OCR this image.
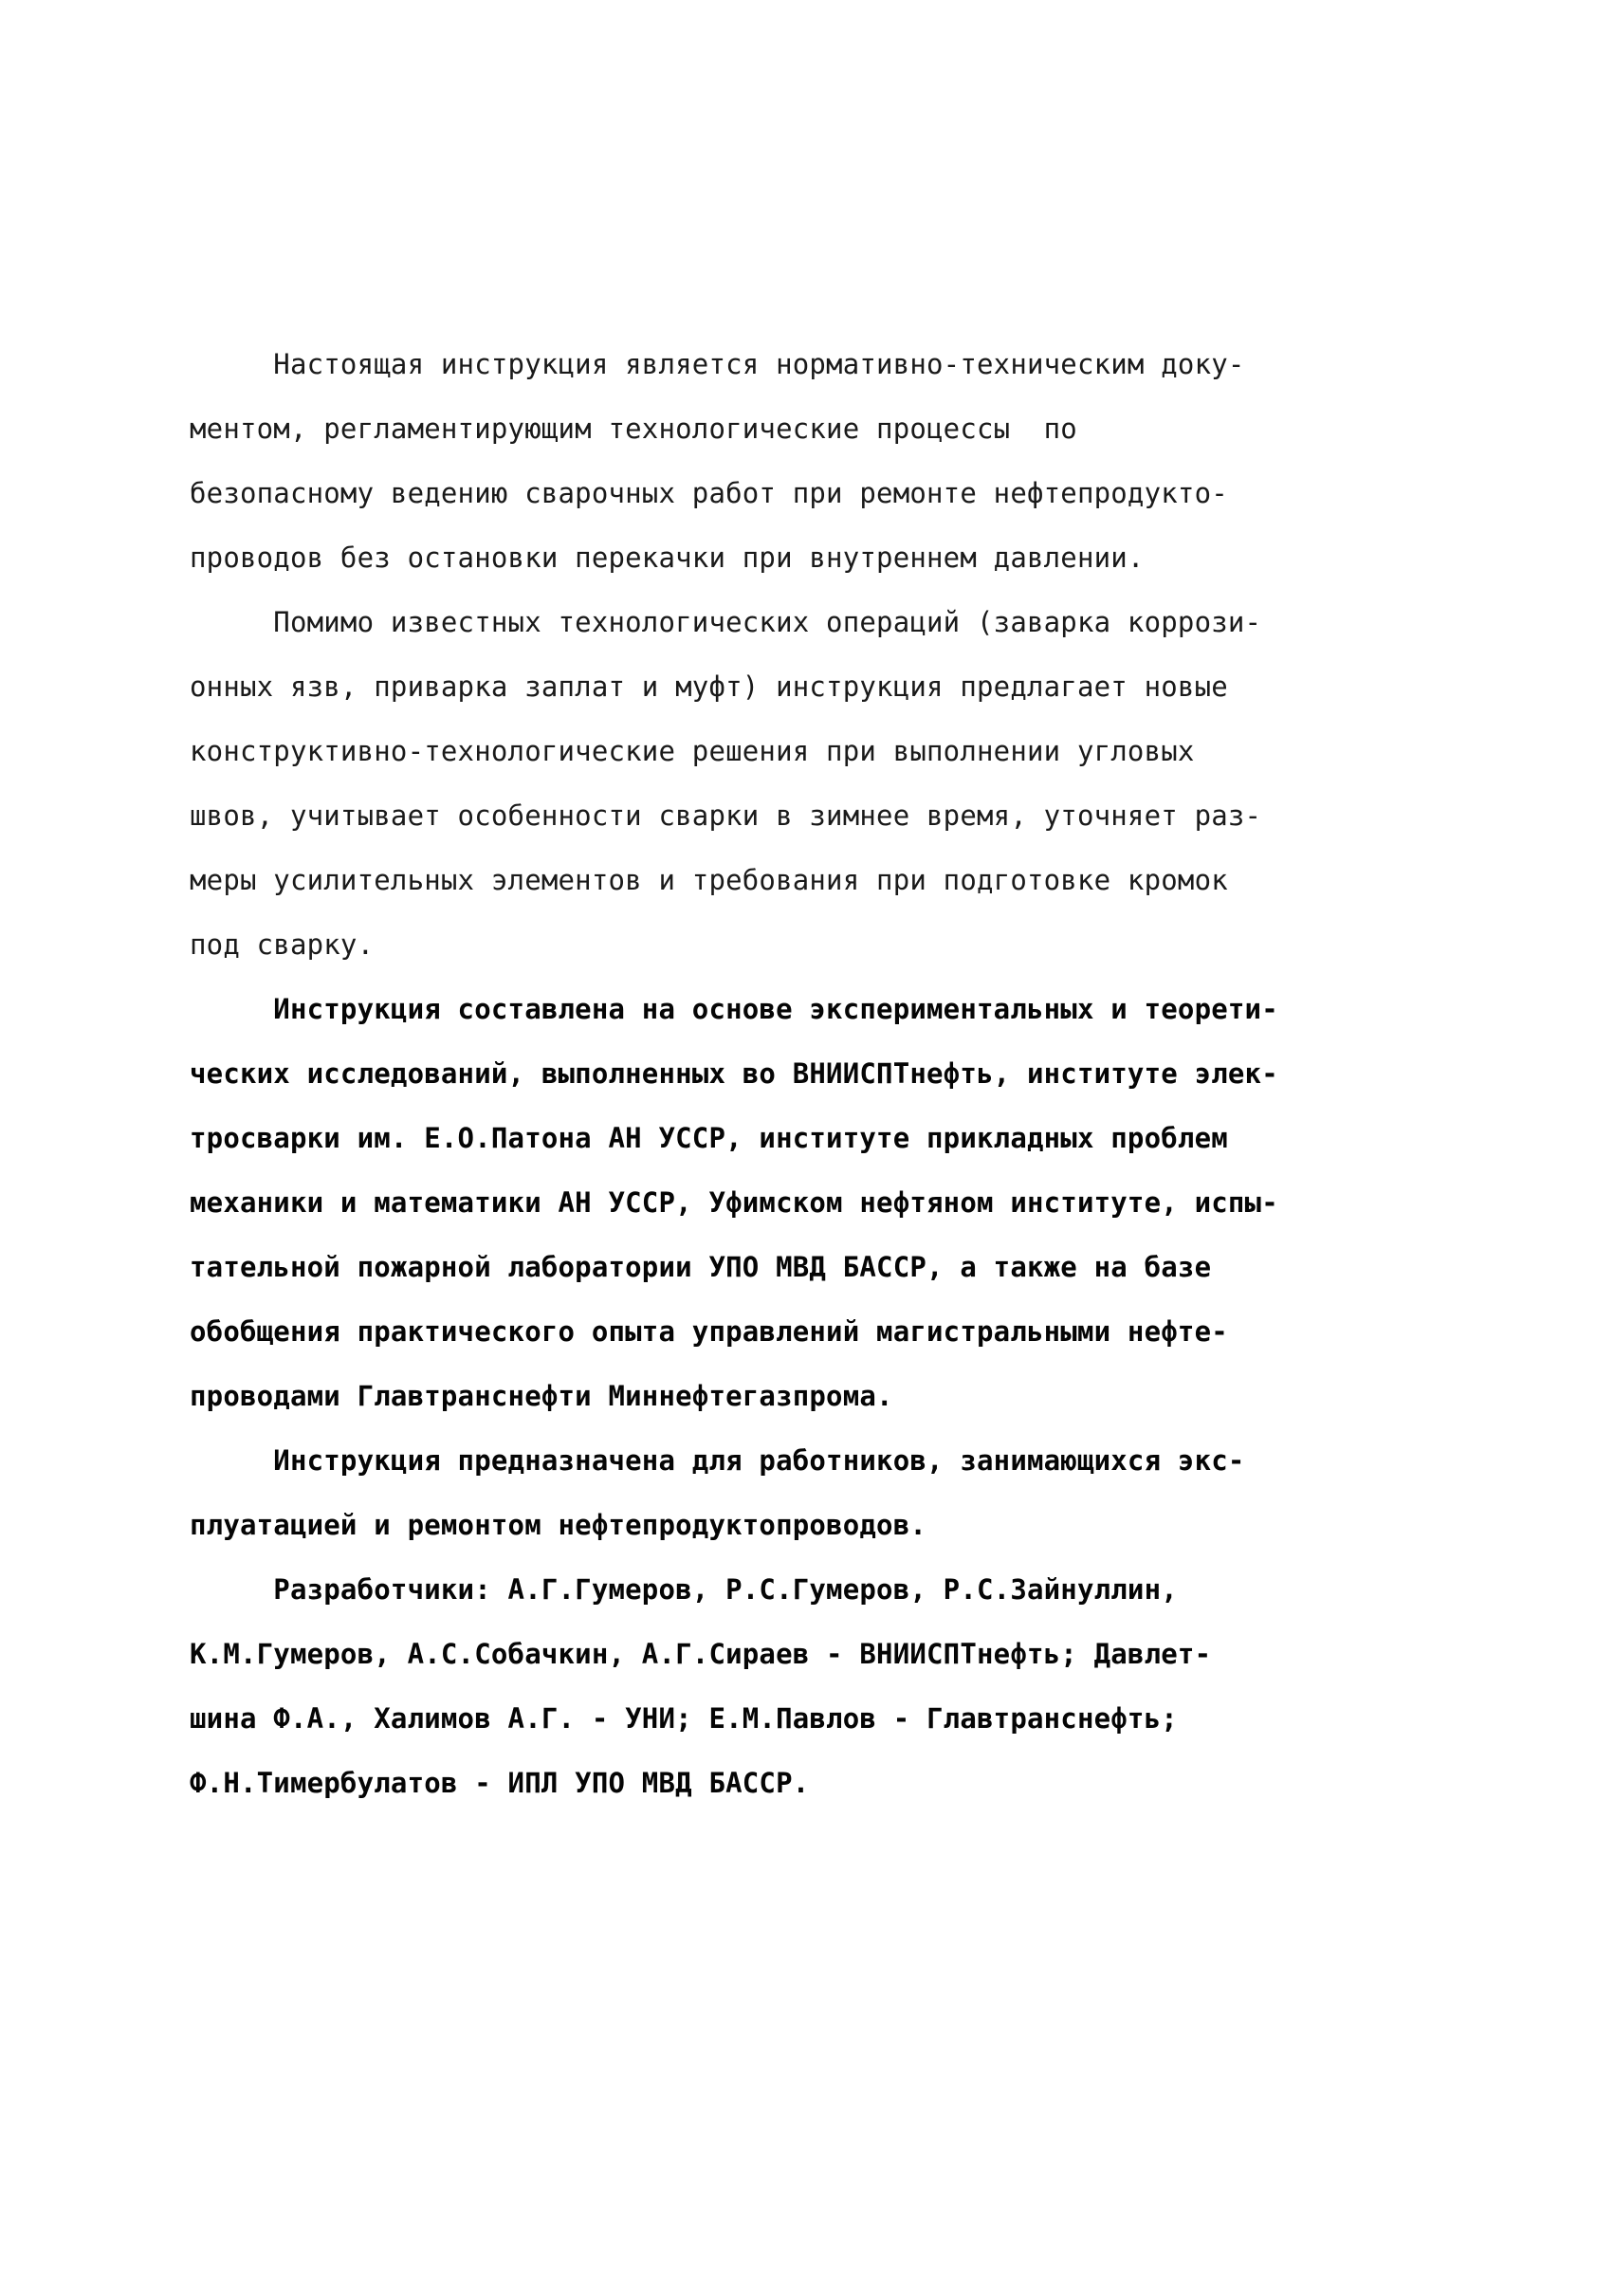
Настоящая инструкция является нормативно-техническим доку-
ментом, регламентирующим технологические процессы  по
безопасному ведению сварочных работ при ремонте нефтепродукто-
проводов без остановки перекачки при внутреннем давлении.
Помимо известных технологических операций (заварка коррози-
онных язв, приварка заплат и муфт) инструкция предлагает новые
конструктивно-технологические решения при выполнении угловых
швов, учитывает особенности сварки в зимнее время, уточняет раз-
меры усилительных элементов и требования при подготовке кромок
под сварку.
Инструкция составлена на основе экспериментальных и теорети-
ческих исследований, выполненных во ВНИИСПТнефть, институте элек-
тросварки им. Е.О.Патона АН УССР, институте прикладных проблем
механики и математики АН УССР, Уфимском нефтяном институте, испы-
тательной пожарной лаборатории УПО МВД БАССР, а также на базе
обобщения практического опыта управлений магистральными нефте-
проводами Главтранснефти Миннефтегазпрома.
Инструкция предназначена для работников, занимающихся экс-
плуатацией и ремонтом нефтепродуктопроводов.
Разработчики: А.Г.Гумеров, Р.С.Гумеров, Р.С.Зайнуллин,
К.М.Гумеров, А.С.Собачкин, А.Г.Сираев - ВНИИСПТнефть; Давлет-
шина Ф.А., Халимов А.Г. - УНИ; Е.М.Павлов - Главтранснефть;
Ф.Н.Тимербулатов - ИПЛ УПО МВД БАССР.
